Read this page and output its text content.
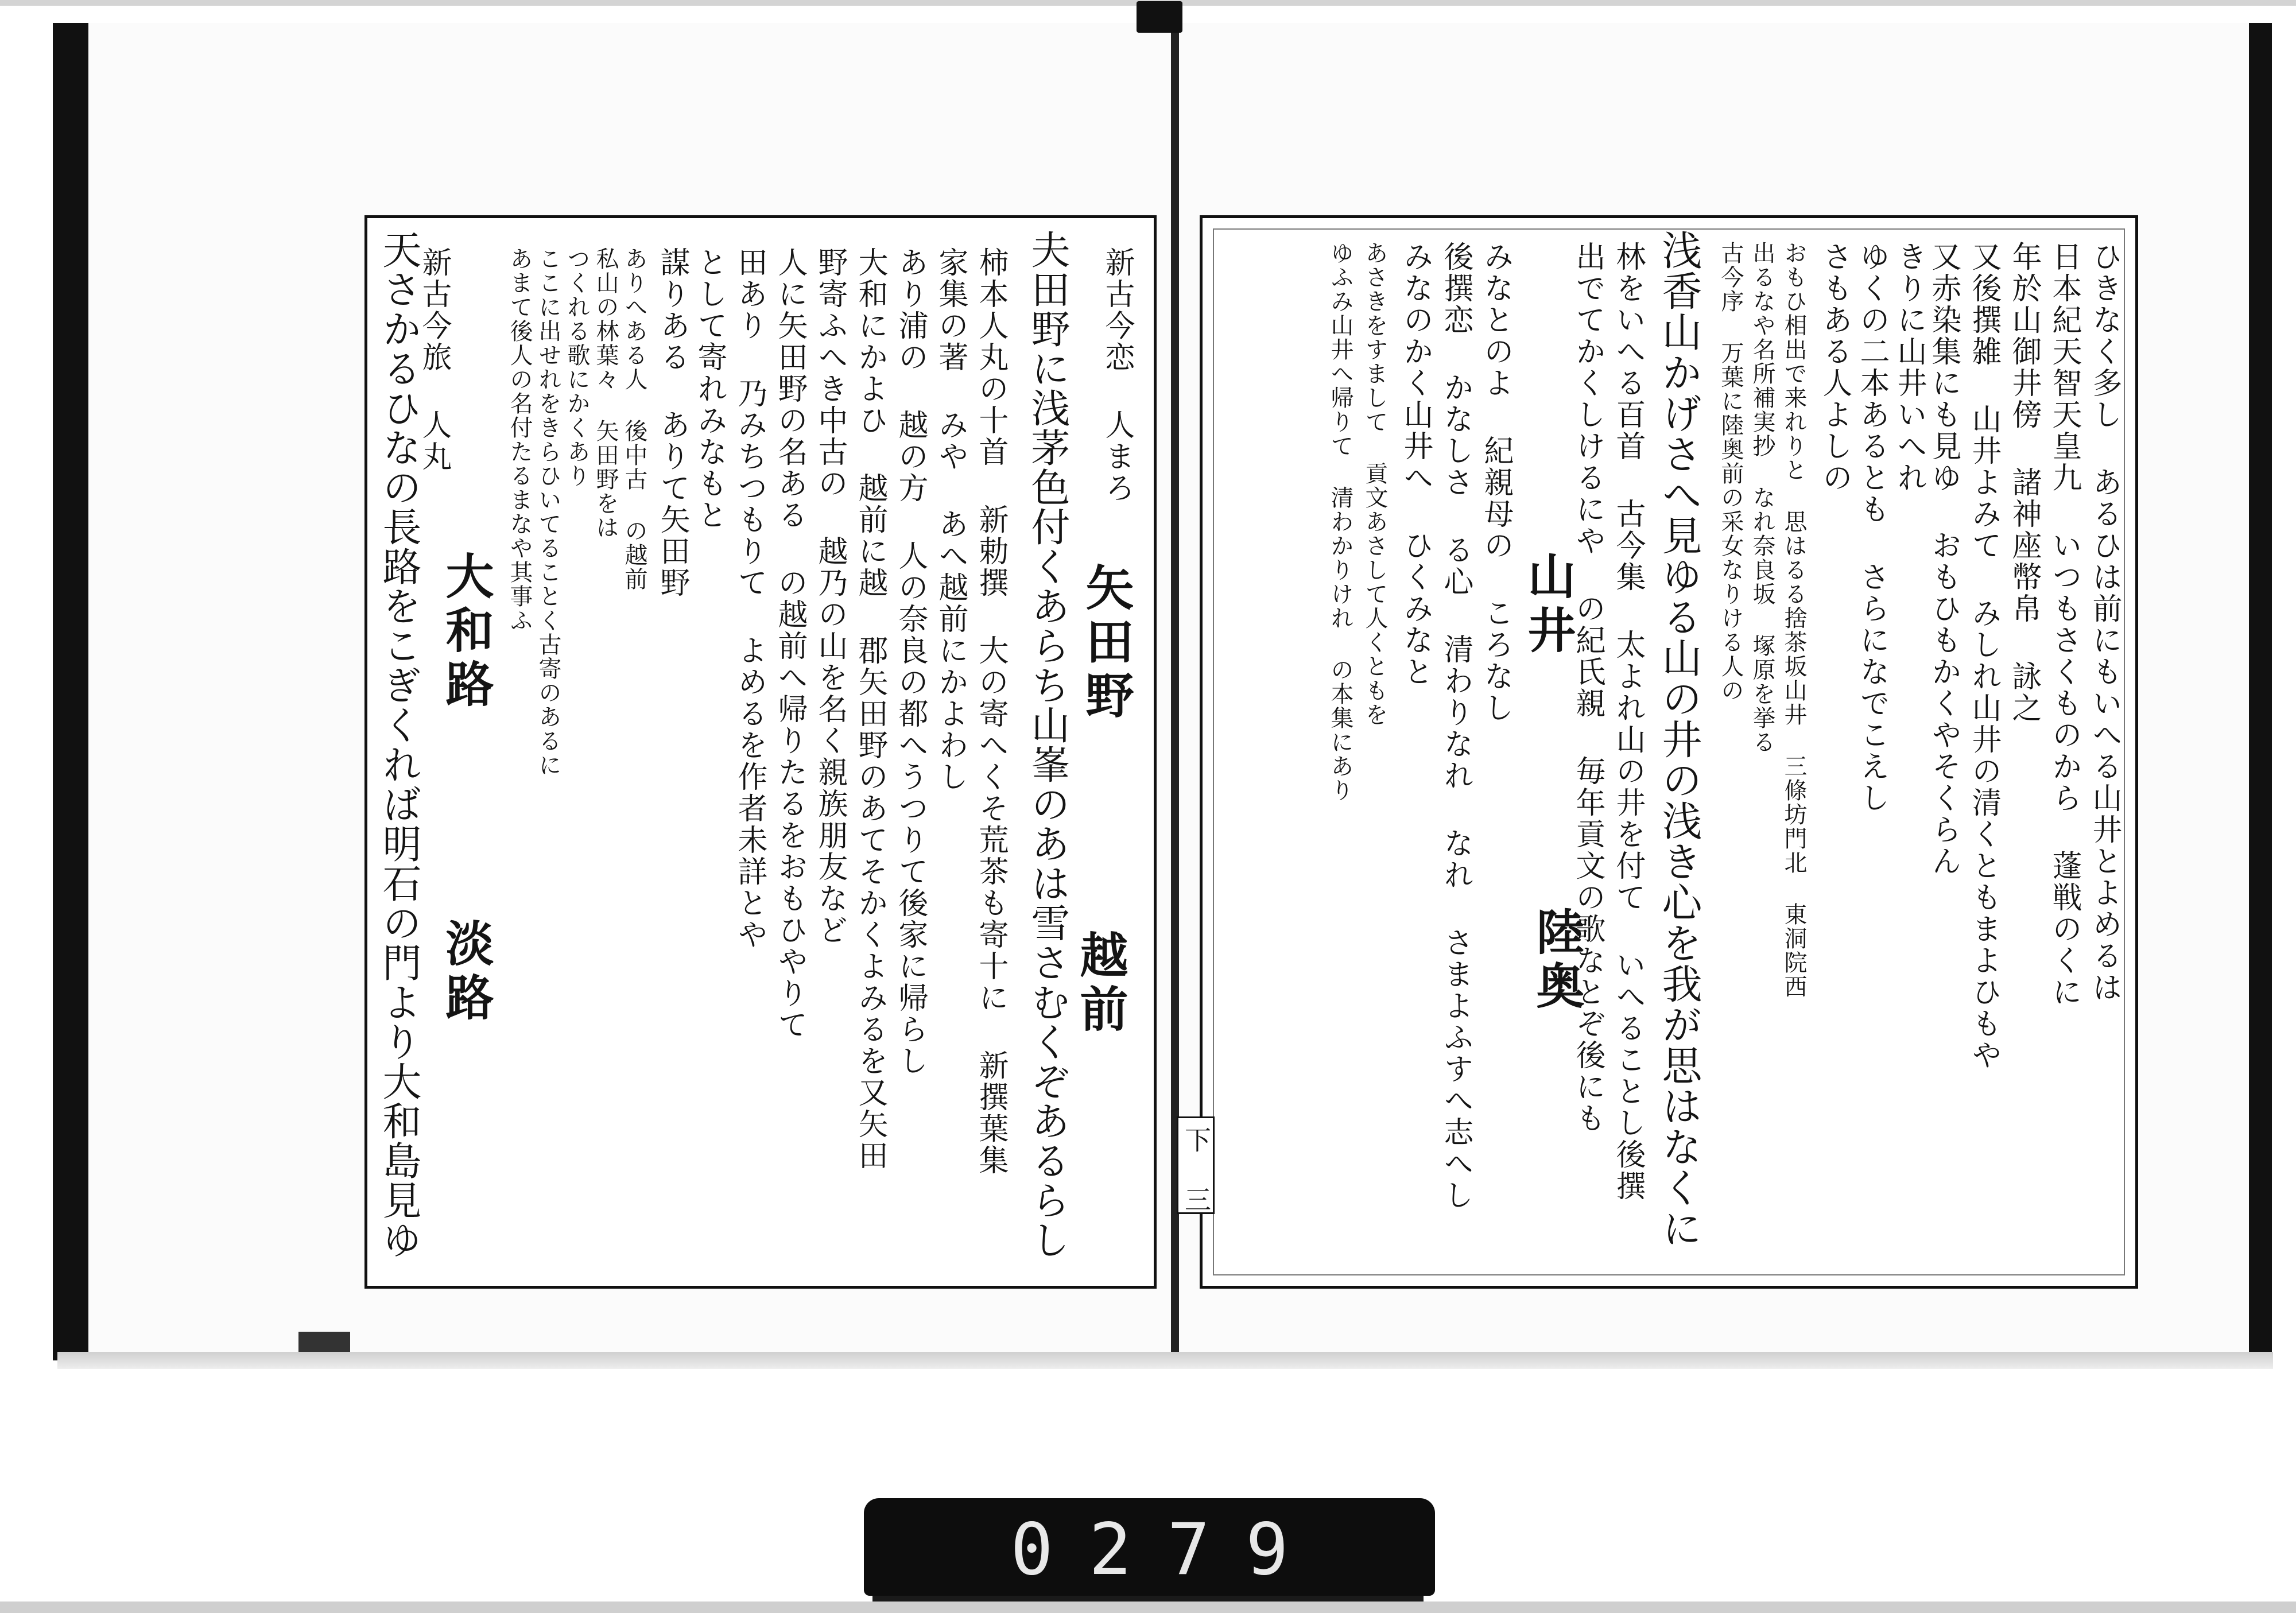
ひきなく多し あるひは前にもいへる山井とよめるは
日本紀天智天皇九 いつもさくものから 蓬戦のくに
年於山御井傍 諸神座幣帛 詠之
又後撰雑 山井よみて みしれ山井の清くともまよひもや
又赤染集にも見ゆ おもひもかくやそくらん
きりに山井いへれ
ゆくの二本あるとも さらになでこえし
さもある人よしの
おもひ相出で来れりと 思はるる捨茶坂山井 三條坊門北 東洞院西
出るなや名所補実抄 なれ奈良坂 塚原を挙る
山井	古今序 万葉に陸奥前の采女なりける人の
浅香山かげさへ見ゆる山の井の浅き心を我が思はなくに
陸奥 林をいへる百首 古今集 太よれ山の井を付て いへることし後撰
出でてかくしけるにや の紀氏親 毎年貢文の歌なとぞ後にも
みなとのよ 紀親母の ころなし
後撰恋 かなしさ る心 清わりなれ なれ さまよふすへ志へし
みなのかく山井へ ひくみなと
あさきをすまして 貢文あさして人くともを
ゆふみ山井へ帰りて 清わかりけれ の本集にあり
下 三
新古今恋 人まろ
矢田野
夫田野に浅茅色付くあらち山峯のあは雪さむくぞあるらし 越前
柿本人丸の十首 新勅撰 大の寄へくそ荒茶も寄十に 新撰葉集
家集の著 みや あへ越前にかよわし
あり浦の 越の方 人の奈良の都へうつりて後家に帰らし
大和にかよひ 越前に越 郡矢田野のあてそかくよみるを又矢田
野寄ふへき中古の 越乃の山を名く親族朋友など
人に矢田野の名ある の越前へ帰りたるをおもひやりて
田あり 乃みちつもりて よめるを作者未詳とや
として寄れみなもと
謀りある ありて矢田野
ありへある人 後中古 の越前
私山の林葉々 矢田野をは
つくれる歌にかくあり
ここに出せれをきらひいてることく古寄のあるに
あまて後人の名付たるまなや其事ふ
大和路
淡路
新古今旅 人丸
天さかるひなの長路をこぎくれば明石の門より大和島見ゆ
0279
